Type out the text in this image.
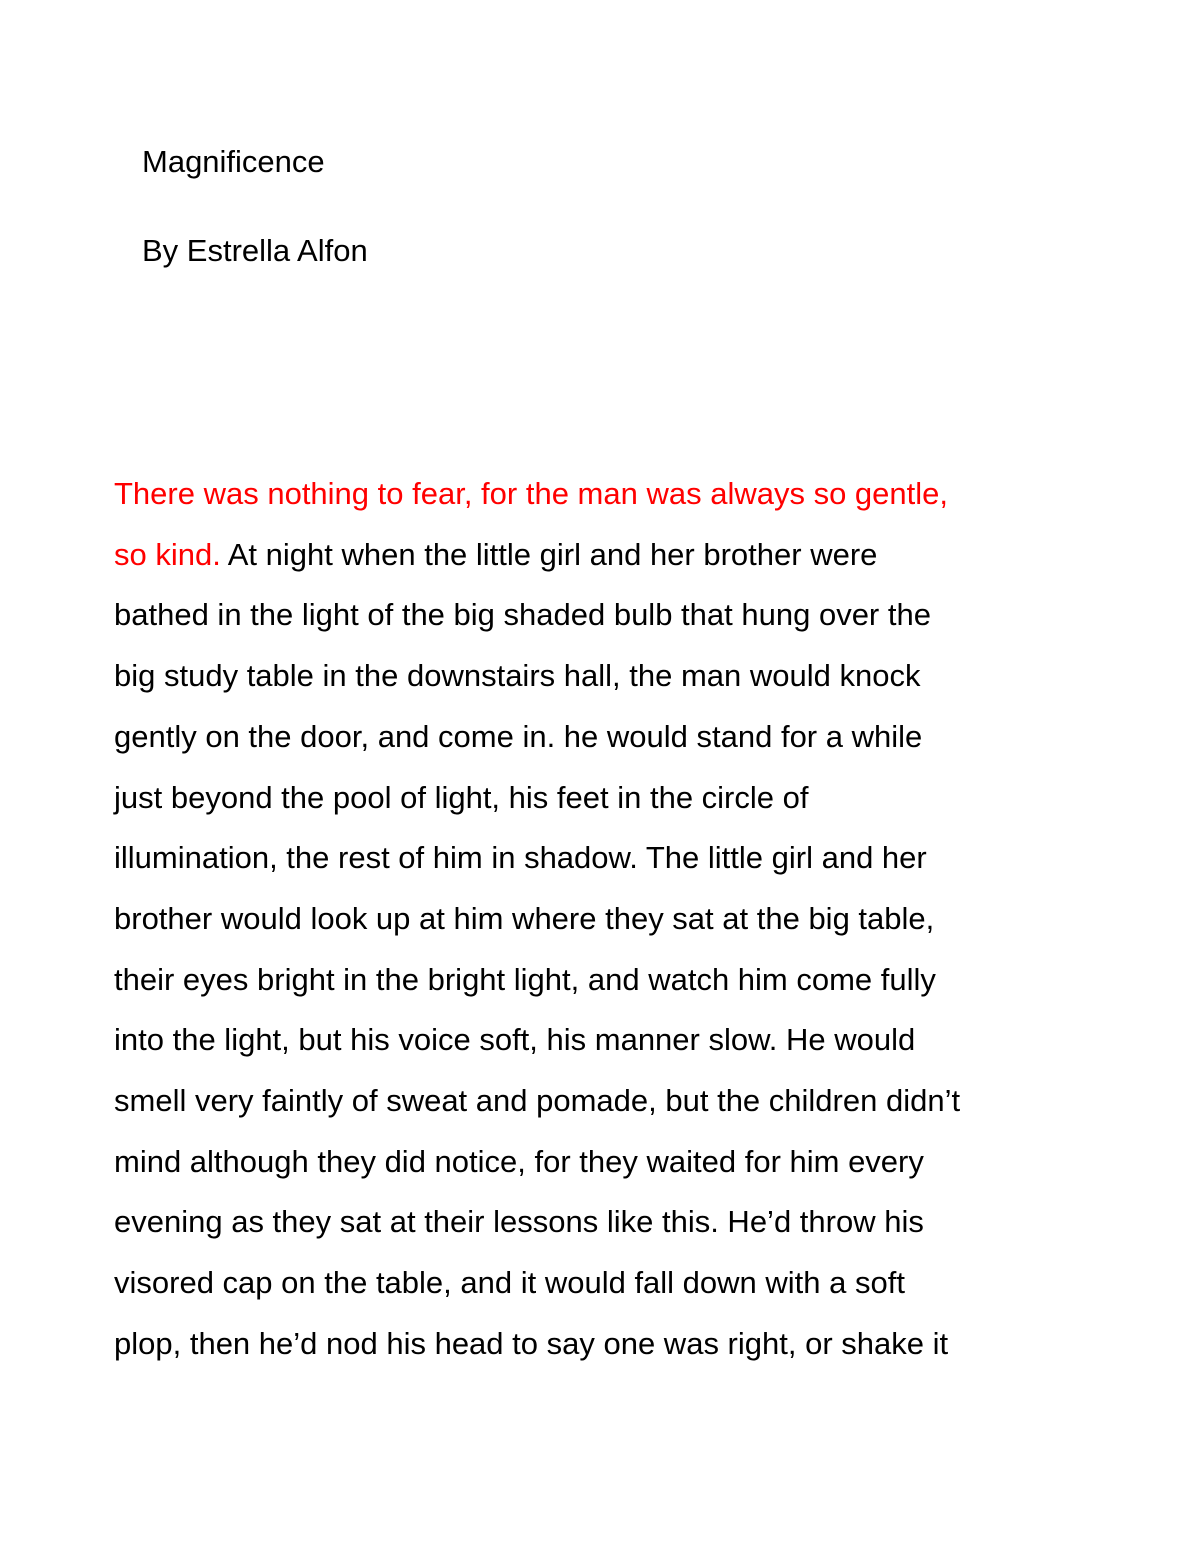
Magnificence

By Estrella Alfon

There was nothing to fear, for the man was always so gentle,
so kind. At night when the little girl and her brother were
bathed in the light of the big shaded bulb that hung over the
big study table in the downstairs hall, the man would knock
gently on the door, and come in. he would stand for a while
just beyond the pool of light, his feet in the circle of
illumination, the rest of him in shadow. The little girl and her
brother would look up at him where they sat at the big table,
their eyes bright in the bright light, and watch him come fully
into the light, but his voice soft, his manner slow. He would
smell very faintly of sweat and pomade, but the children didn’t
mind although they did notice, for they waited for him every
evening as they sat at their lessons like this. He’d throw his
visored cap on the table, and it would fall down with a soft
plop, then he’d nod his head to say one was right, or shake it
